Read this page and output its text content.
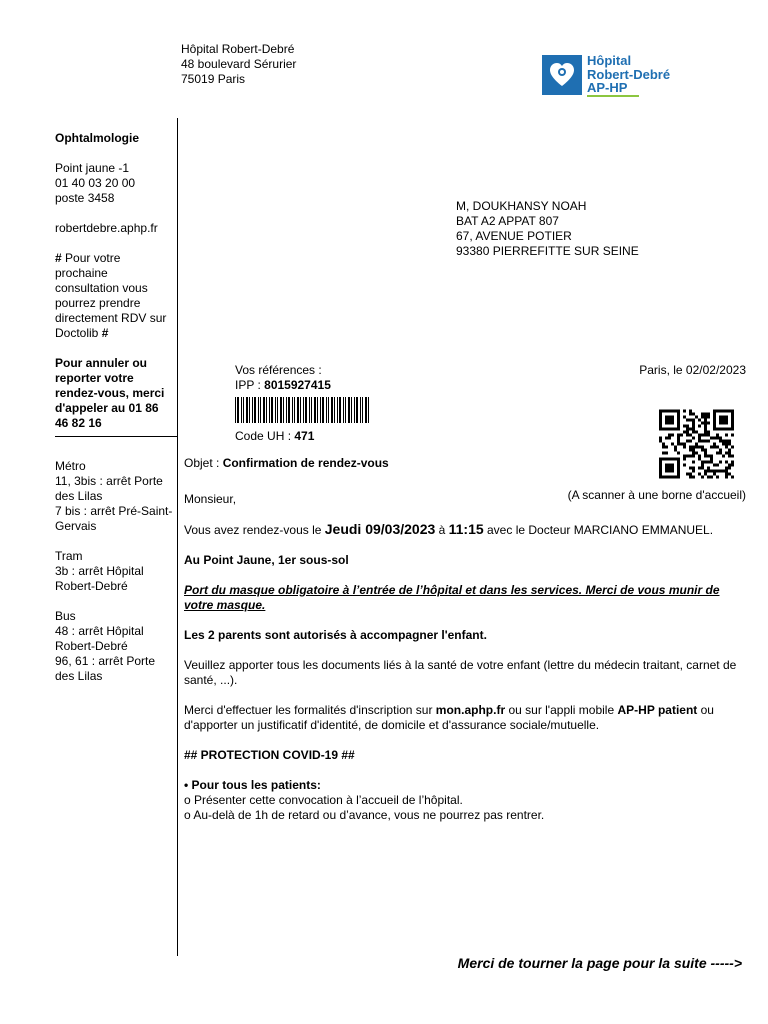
Hôpital Robert-Debré
48 boulevard Sérurier
75019 Paris
Hôpital
Robert-Debré
AP-HP

Ophtalmologie

Point jaune -1

01 40 03 20 00

poste 3458

robertdebre.aphp.fr

# Pour votre prochaine consultation vous pourrez prendre directement RDV sur Doctolib #

Pour annuler ou reporter votre rendez-vous, merci d'appeler au 01 86 46 82 16

Métro

11, 3bis : arrêt Porte des Lilas

7 bis : arrêt Pré-Saint-Gervais

Tram

3b : arrêt Hôpital Robert-Debré

Bus

48 : arrêt Hôpital Robert-Debré

96, 61 : arrêt Porte des Lilas

M, DOUKHANSY NOAH
BAT A2 APPAT 807
67, AVENUE POTIER
93380 PIERREFITTE SUR SEINE
Vos références :
IPP : 8015927415
Code UH : 471
Paris, le 02/02/2023
(A scanner à une borne d'accueil)

Objet : Confirmation de rendez-vous

Monsieur,

Vous avez rendez-vous le Jeudi 09/03/2023 à 11:15 avec le Docteur MARCIANO EMMANUEL.

Au Point Jaune, 1er sous-sol

Port du masque obligatoire à l’entrée de l’hôpital et dans les services. Merci de vous munir de votre masque.

Les 2 parents sont autorisés à accompagner l'enfant.

Veuillez apporter tous les documents liés à la santé de votre enfant (lettre du médecin traitant, carnet de santé, ...).

Merci d'effectuer les formalités d'inscription sur mon.aphp.fr ou sur l'appli mobile AP-HP patient ou d'apporter un justificatif d'identité, de domicile et d'assurance sociale/mutuelle.

## PROTECTION COVID-19 ##

• Pour tous les patients:

o Présenter cette convocation à l’accueil de l’hôpital.

o Au-delà de 1h de retard ou d’avance, vous ne pourrez pas rentrer.

Merci de tourner la page pour la suite ----->
